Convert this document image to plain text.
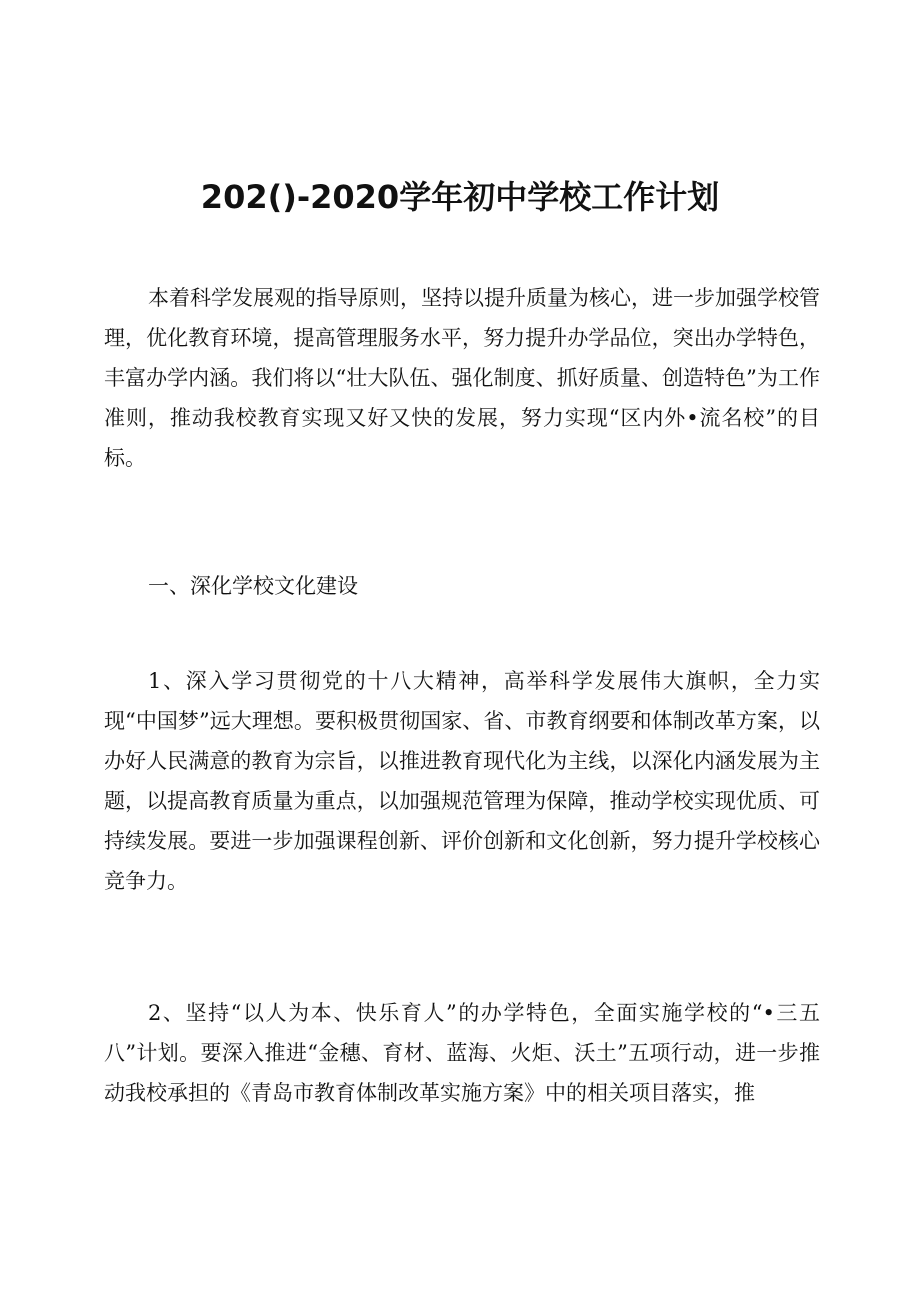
202()-2020学年初中学校工作计划

本着科学发展观的指导原则，坚持以提升质量为核心，进一步加强学校管理，优化教育环境，提高管理服务水平，努力提升办学品位，突出办学特色，丰富办学内涵。我们将以“壮大队伍、强化制度、抓好质量、创造特色”为工作准则，推动我校教育实现又好又快的发展，努力实现“区内外•流名校”的目标。

一、深化学校文化建设

1、深入学习贯彻党的十八大精神，高举科学发展伟大旗帜，全力实现“中国梦”远大理想。要积极贯彻国家、省、市教育纲要和体制改革方案，以办好人民满意的教育为宗旨，以推进教育现代化为主线，以深化内涵发展为主题，以提高教育质量为重点，以加强规范管理为保障，推动学校实现优质、可持续发展。要进一步加强课程创新、评价创新和文化创新，努力提升学校核心竞争力。

2、坚持“以人为本、快乐育人”的办学特色，全面实施学校的“•三五八”计划。要深入推进“金穗、育材、蓝海、火炬、沃土”五项行动，进一步推动我校承担的《青岛市教育体制改革实施方案》中的相关项目落实，推
